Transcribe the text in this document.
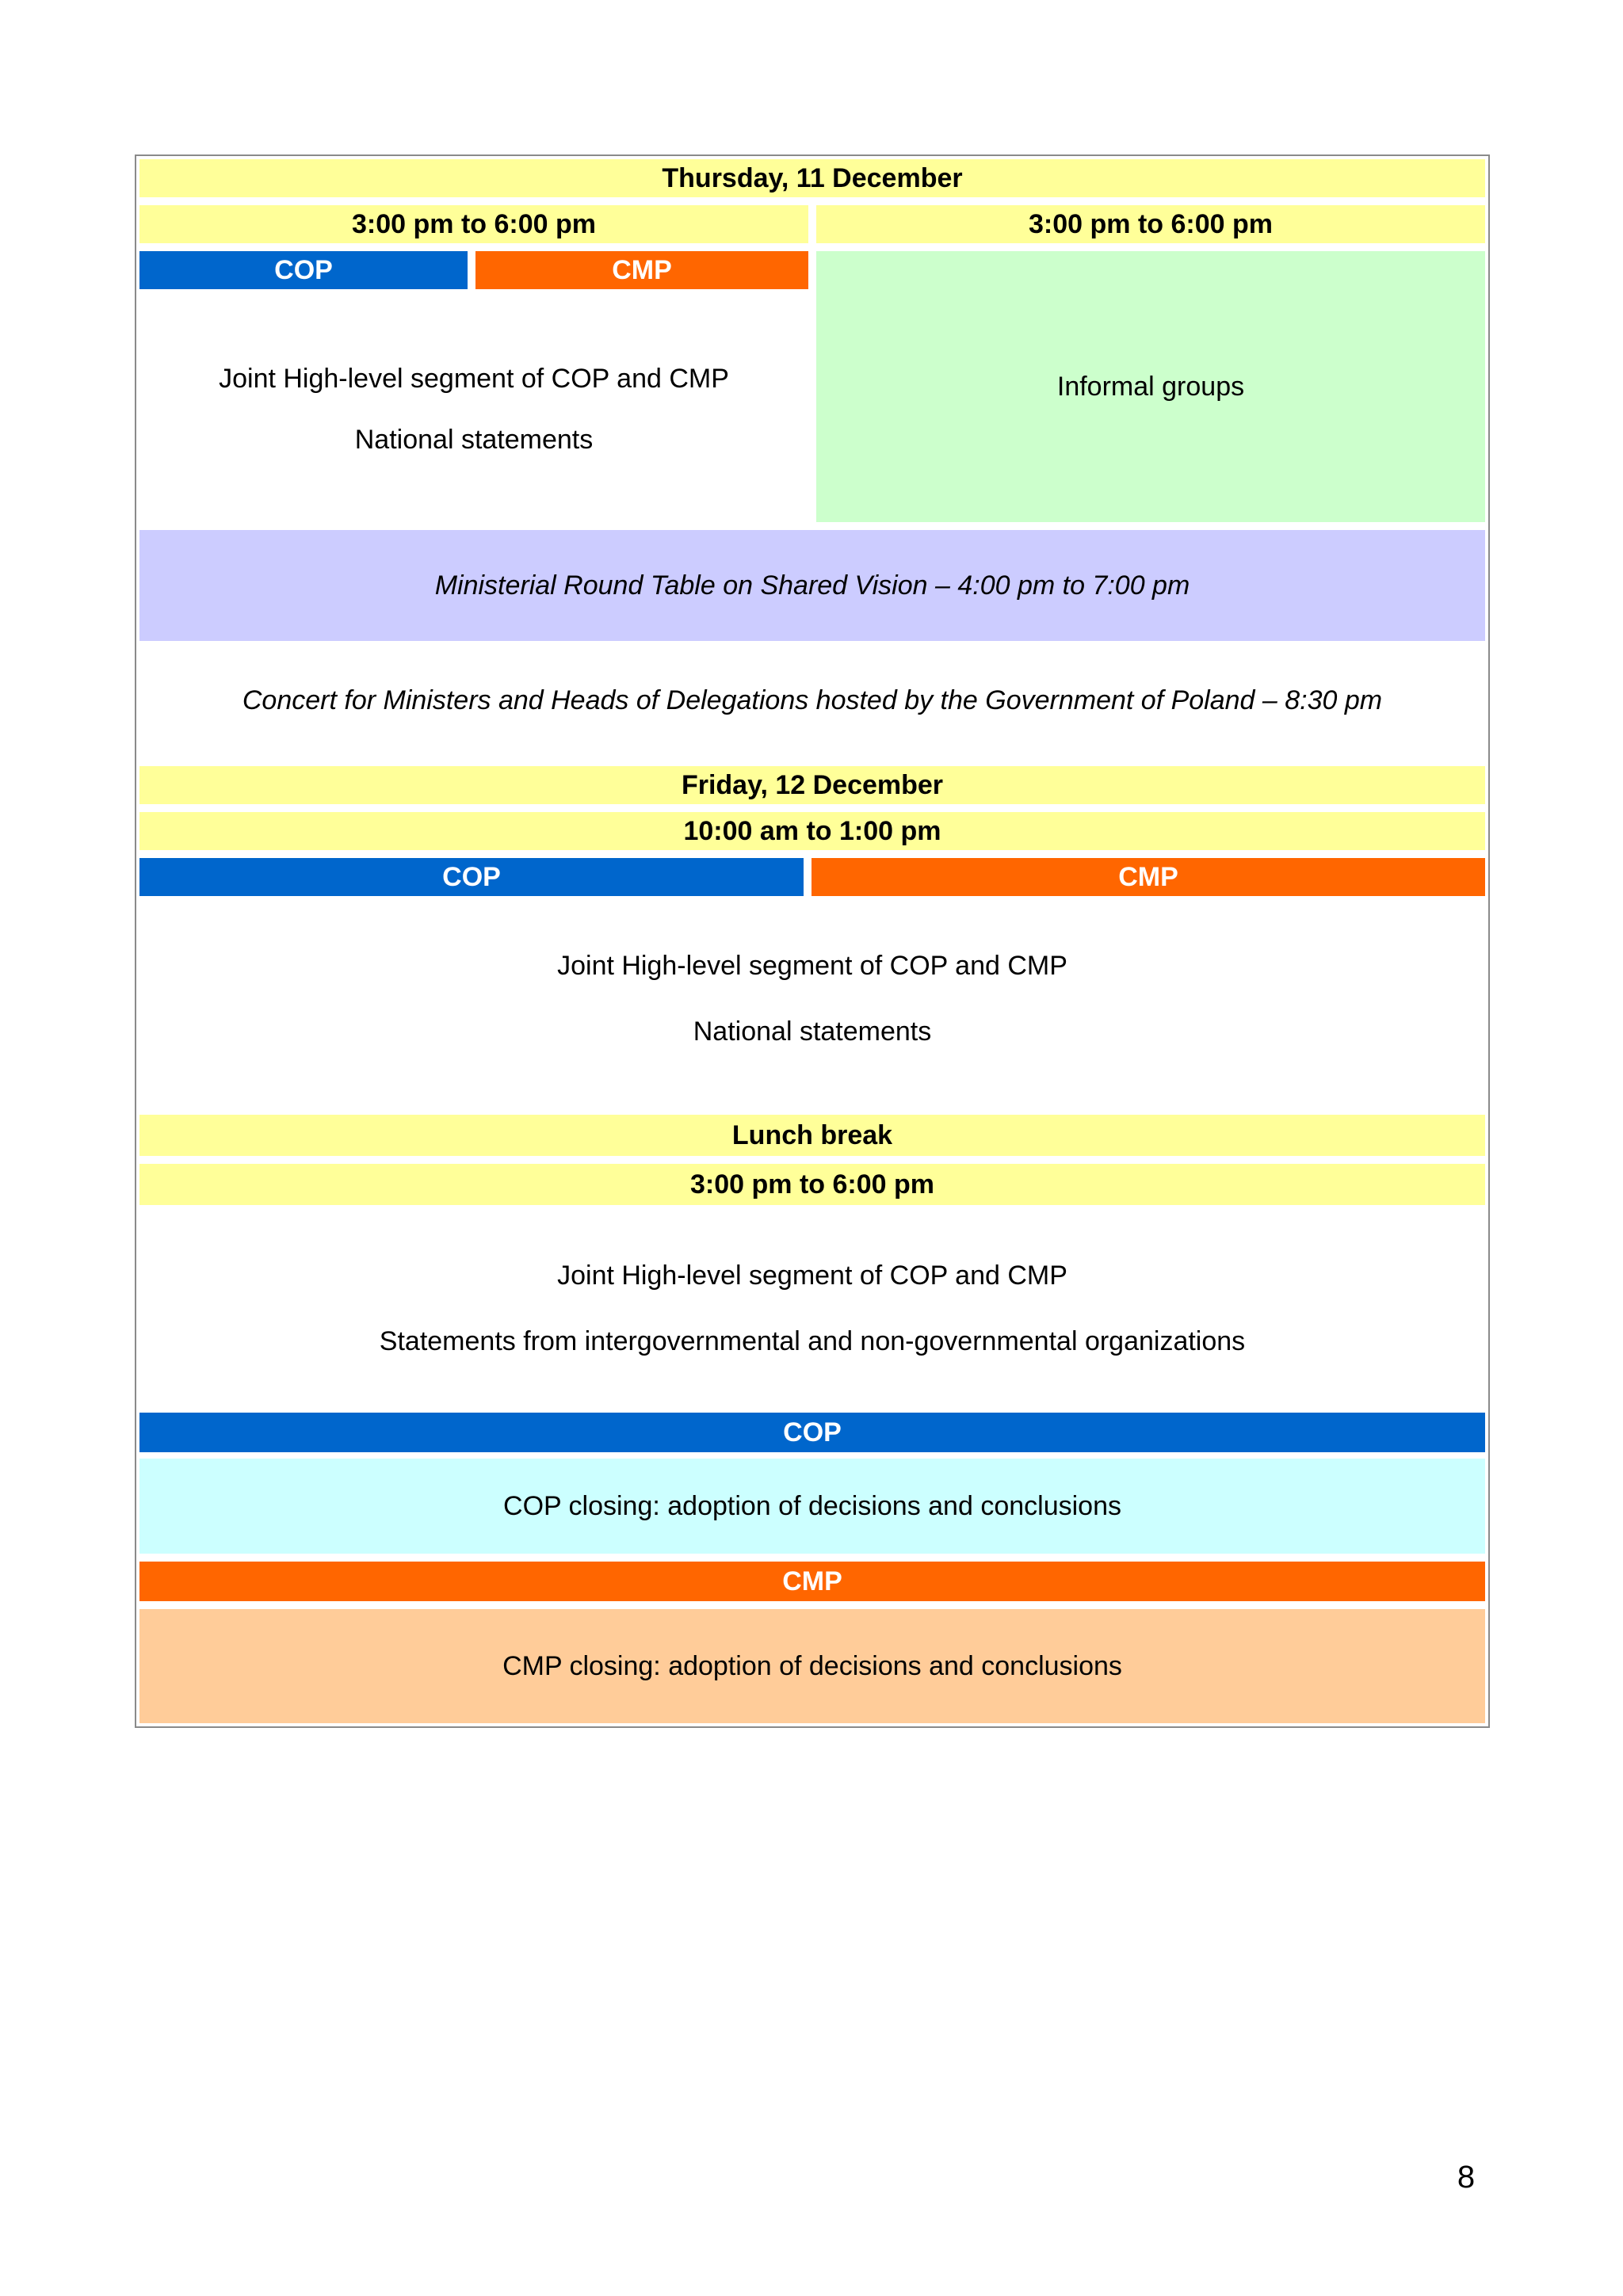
Thursday, 11 December
3:00 pm to 6:00 pm	3:00 pm to 6:00 pm
COP	CMP
Joint High-level segment of COP and CMP
National statements
Informal groups
Ministerial Round Table on Shared Vision – 4:00 pm to 7:00 pm
Concert for Ministers and Heads of Delegations hosted by the Government of Poland – 8:30 pm
Friday, 12 December
10:00 am to 1:00 pm
COP	CMP
Joint High-level segment of COP and CMP
National statements
Lunch break
3:00 pm to 6:00 pm
Joint High-level segment of COP and CMP
Statements from intergovernmental and non-governmental organizations
COP
COP closing: adoption of decisions and conclusions
CMP
CMP closing: adoption of decisions and conclusions
8
